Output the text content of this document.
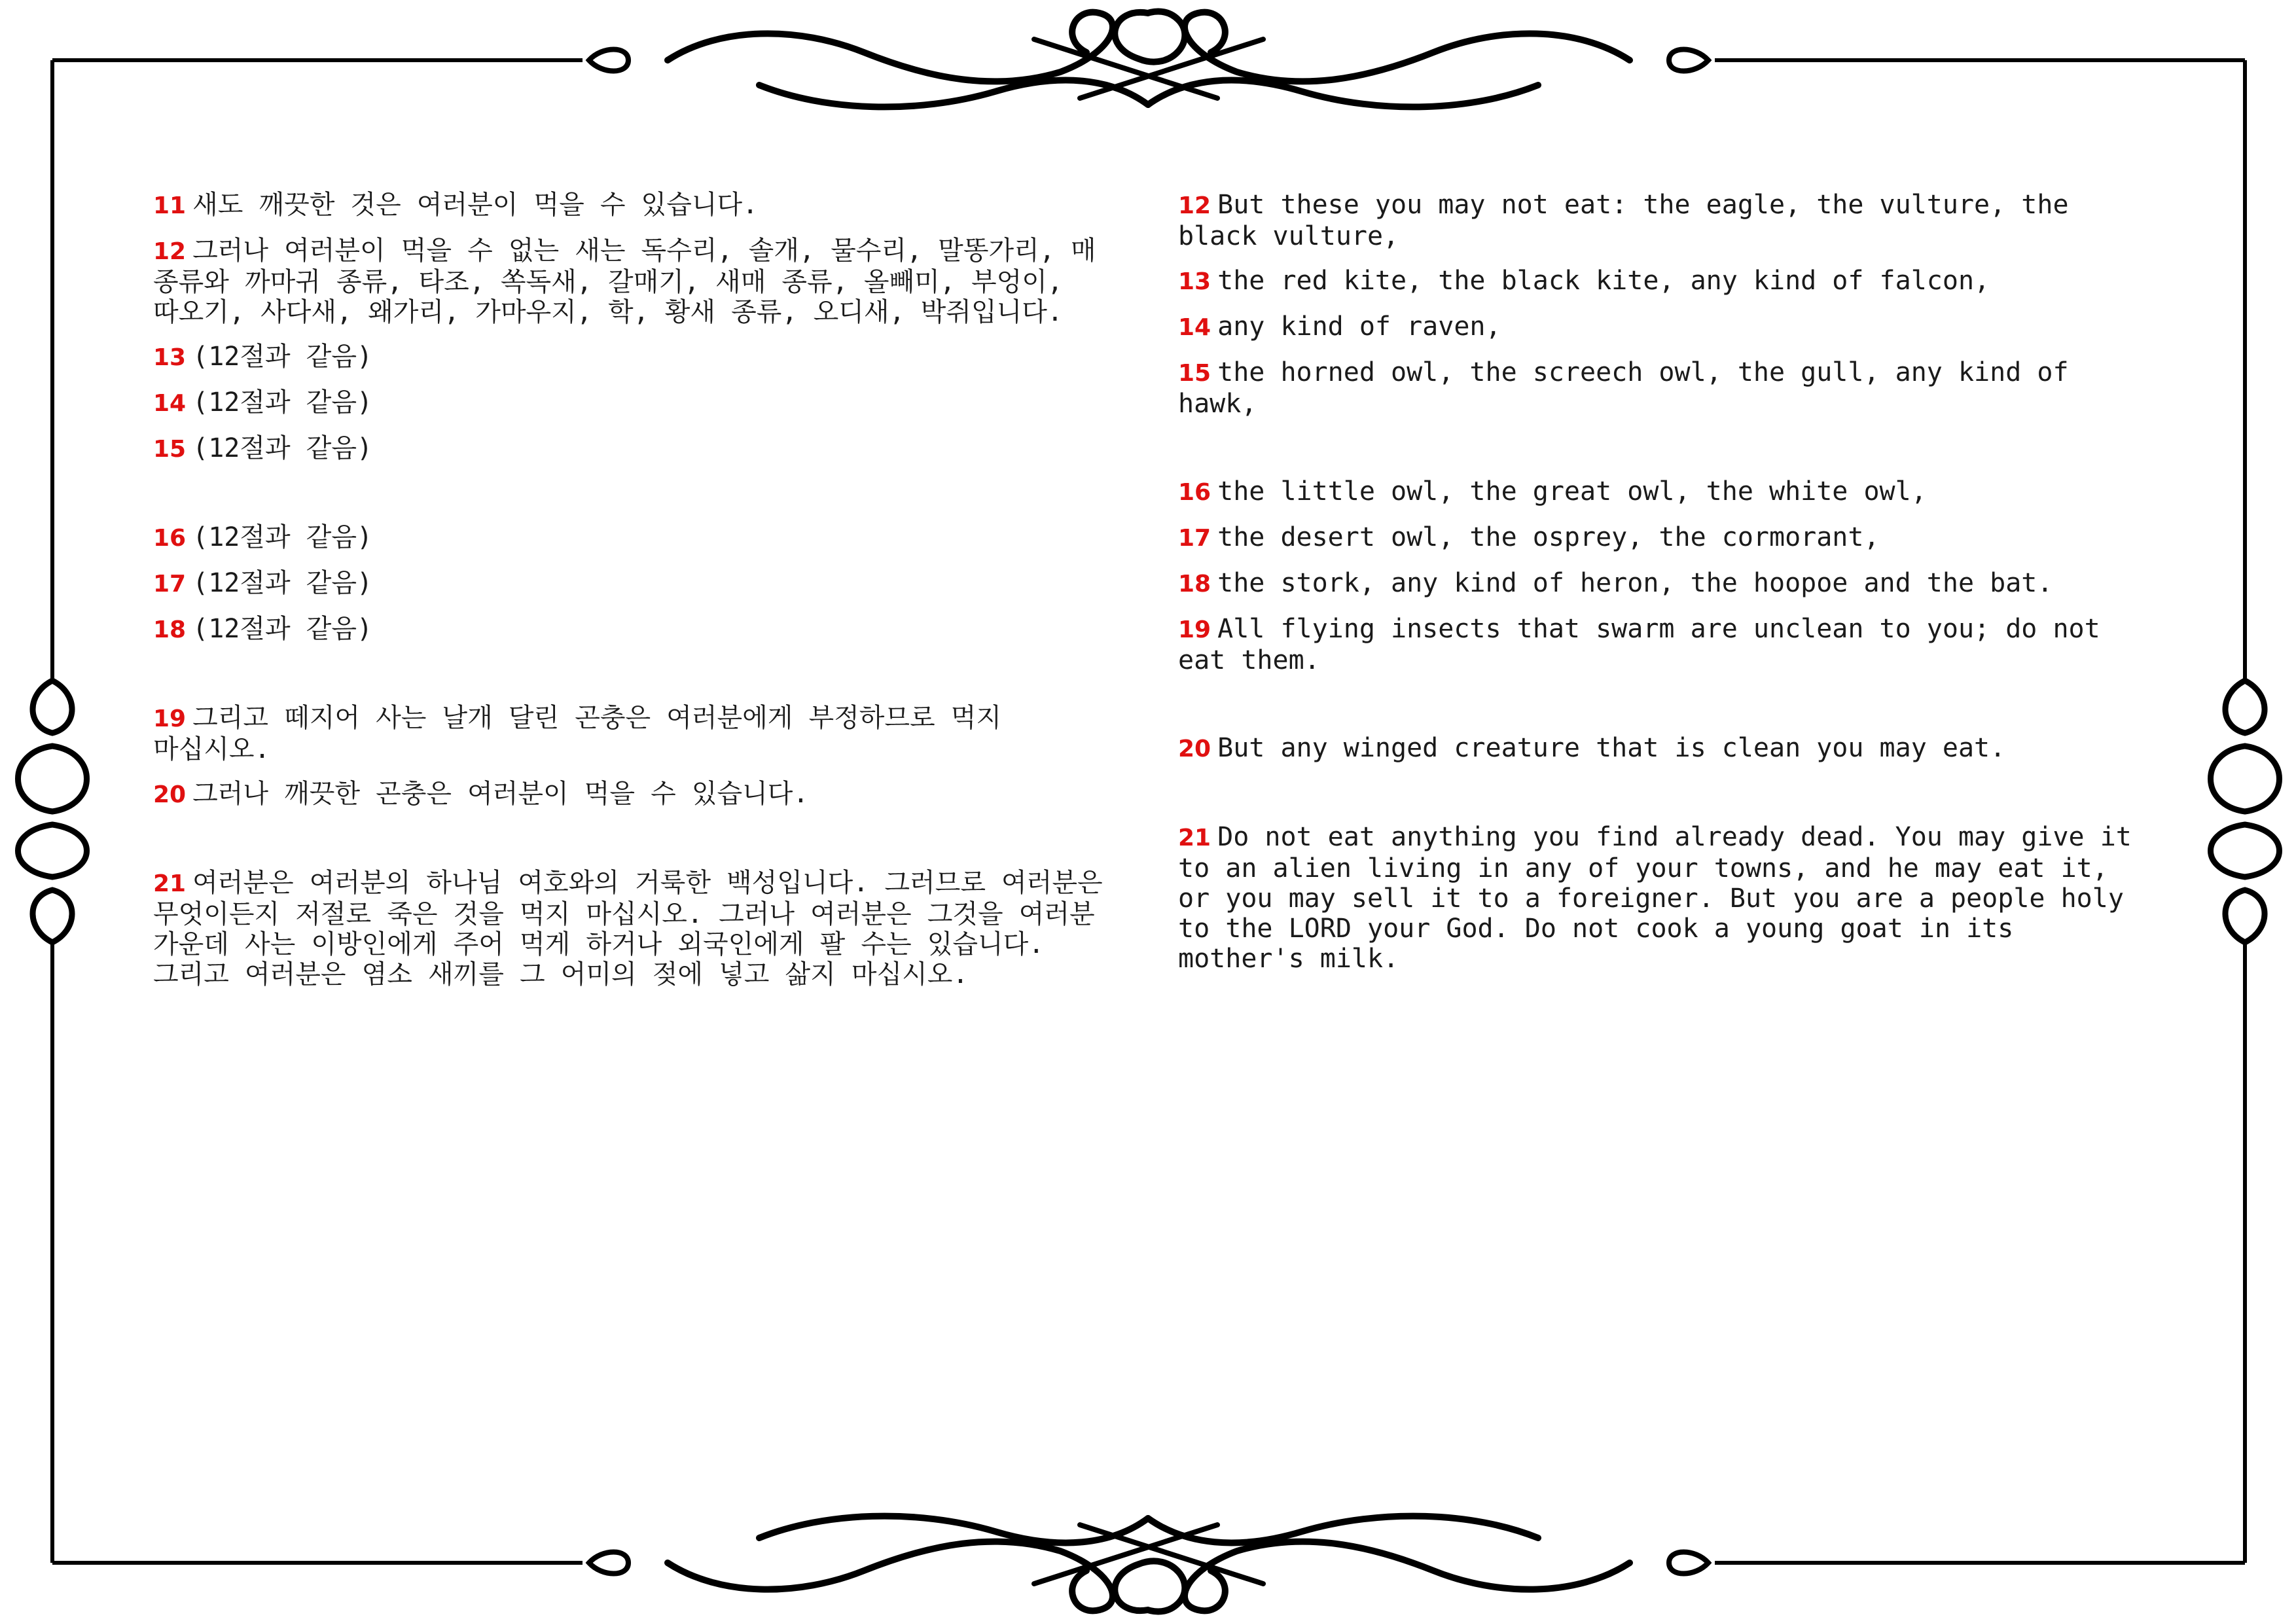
11 새도 깨끗한 것은 여러분이 먹을 수 있습니다.

12 그러나 여러분이 먹을 수 없는 새는 독수리, 솔개, 물수리, 말똥가리, 매 종류와 까마귀 종류, 타조, 쏙독새, 갈매기, 새매 종류, 올빼미, 부엉이, 따오기, 사다새, 왜가리, 가마우지, 학, 황새 종류, 오디새, 박쥐입니다.

13 (12절과 같음)

14 (12절과 같음)

15 (12절과 같음)

16 (12절과 같음)

17 (12절과 같음)

18 (12절과 같음)

19 그리고 떼지어 사는 날개 달린 곤충은 여러분에게 부정하므로 먹지 마십시오.

20 그러나 깨끗한 곤충은 여러분이 먹을 수 있습니다.

21 여러분은 여러분의 하나님 여호와의 거룩한 백성입니다. 그러므로 여러분은 무엇이든지 저절로 죽은 것을 먹지 마십시오. 그러나 여러분은 그것을 여러분 가운데 사는 이방인에게 주어 먹게 하거나 외국인에게 팔 수는 있습니다. 그리고 여러분은 염소 새끼를 그 어미의 젖에 넣고 삶지 마십시오.

12 But these you may not eat: the eagle, the vulture, the black vulture,

13 the red kite, the black kite, any kind of falcon,

14 any kind of raven,

15 the horned owl, the screech owl, the gull, any kind of hawk,

16 the little owl, the great owl, the white owl,

17 the desert owl, the osprey, the cormorant,

18 the stork, any kind of heron, the hoopoe and the bat.

19 All flying insects that swarm are unclean to you; do not eat them.

20 But any winged creature that is clean you may eat.

21 Do not eat anything you find already dead. You may give it to an alien living in any of your towns, and he may eat it, or you may sell it to a foreigner. But you are a people holy to the LORD your God. Do not cook a young goat in its mother's milk.
